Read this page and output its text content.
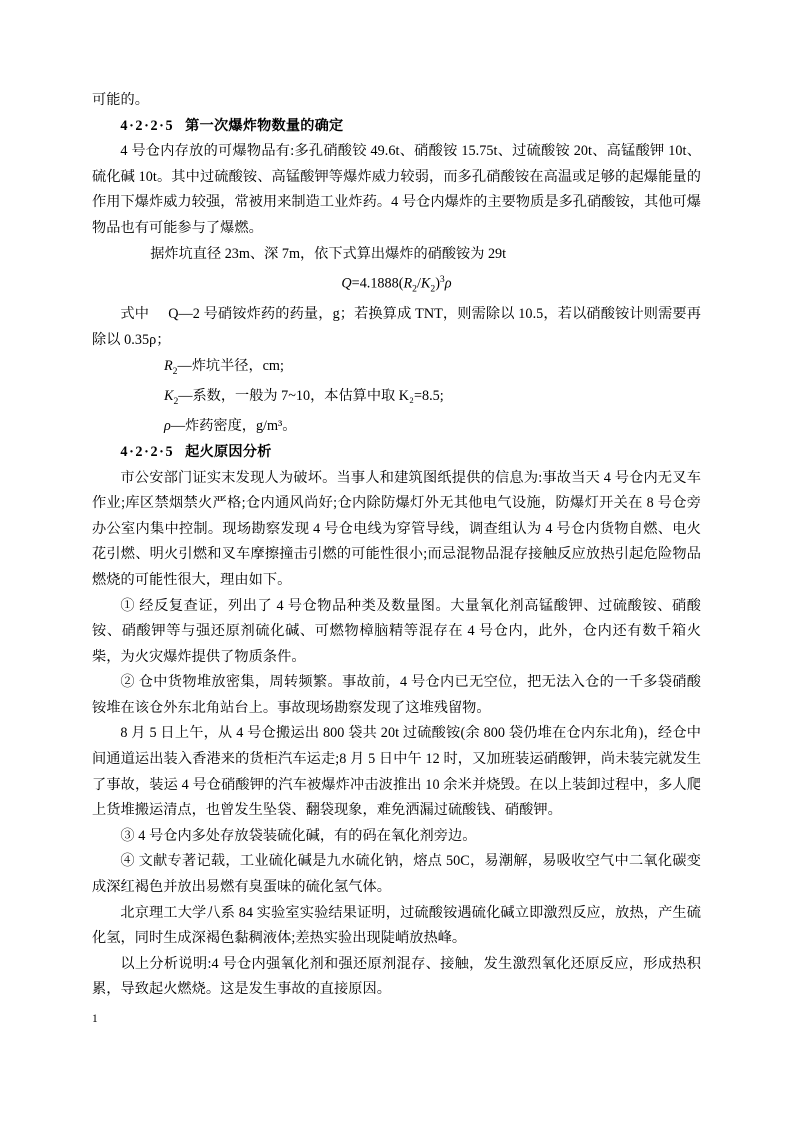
可能的。

4·2·2·5 第一次爆炸物数量的确定

4 号仓内存放的可爆物品有:多孔硝酸铰 49.6t、硝酸铵 15.75t、过硫酸铵 20t、高锰酸钾 10t、硫化碱 10t。其中过硫酸铵、高锰酸钾等爆炸威力较弱，而多孔硝酸铵在高温或足够的起爆能量的作用下爆炸威力较强，常被用来制造工业炸药。4 号仓内爆炸的主要物质是多孔硝酸铵，其他可爆物品也有可能参与了爆燃。

据炸坑直径 23m、深 7m，依下式算出爆炸的硝酸铵为 29t

$Q=4.1888(R_2/K_2)^3\rho$

式中 Q—2 号硝铵炸药的药量，g；若换算成 TNT，则需除以 10.5，若以硝酸铵计则需要再除以 0.35ρ；

$R_2—$炸坑半径，cm;

$K_2—$系数，一般为 7~10，本估算中取 K₂=8.5;

ρ—炸药密度，g/m³。

4·2·2·5 起火原因分析

市公安部门证实末发现人为破坏。当事人和建筑图纸提供的信息为:事故当天 4 号仓内无叉车作业;库区禁烟禁火严格;仓内通风尚好;仓内除防爆灯外无其他电气设施，防爆灯开关在 8 号仓旁办公室内集中控制。现场勘察发现 4 号仓电线为穿管导线，调查组认为 4 号仓内货物自燃、电火花引燃、明火引燃和叉车摩擦撞击引燃的可能性很小;而忌混物品混存接触反应放热引起危险物品燃烧的可能性很大，理由如下。

① 经反复查证，列出了 4 号仓物品种类及数量图。大量氧化剂高锰酸钾、过硫酸铵、硝酸铵、硝酸钾等与强还原剂硫化碱、可燃物樟脑精等混存在 4 号仓内，此外，仓内还有数千箱火柴，为火灾爆炸提供了物质条件。

② 仓中货物堆放密集，周转频繁。事故前，4 号仓内已无空位，把无法入仓的一千多袋硝酸铵堆在该仓外东北角站台上。事故现场勘察发现了这堆残留物。

8 月 5 日上午，从 4 号仓搬运出 800 袋共 20t 过硫酸铵(余 800 袋仍堆在仓内东北角)，经仓中间通道运出装入香港来的货柜汽车运走;8 月 5 日中午 12 时，又加班装运硝酸钾，尚未装完就发生了事故，装运 4 号仓硝酸钾的汽车被爆炸冲击波推出 10 余米并烧毁。在以上装卸过程中，多人爬上货堆搬运清点，也曾发生坠袋、翻袋现象，难免洒漏过硫酸钱、硝酸钾。

③ 4 号仓内多处存放袋装硫化碱，有的码在氧化剂旁边。

④ 文献专著记载，工业硫化碱是九水硫化钠，熔点 50C，易潮解，易吸收空气中二氧化碳变成深红褐色并放出易燃有臭蛋味的硫化氢气体。

北京理工大学八系 84 实验室实验结果证明，过硫酸铵遇硫化碱立即激烈反应，放热，产生硫化氢，同时生成深褐色黏稠液体;差热实验出现陡峭放热峰。

以上分析说明:4 号仓内强氧化剂和强还原剂混存、接触，发生激烈氧化还原反应，形成热积累，导致起火燃烧。这是发生事故的直接原因。

1
